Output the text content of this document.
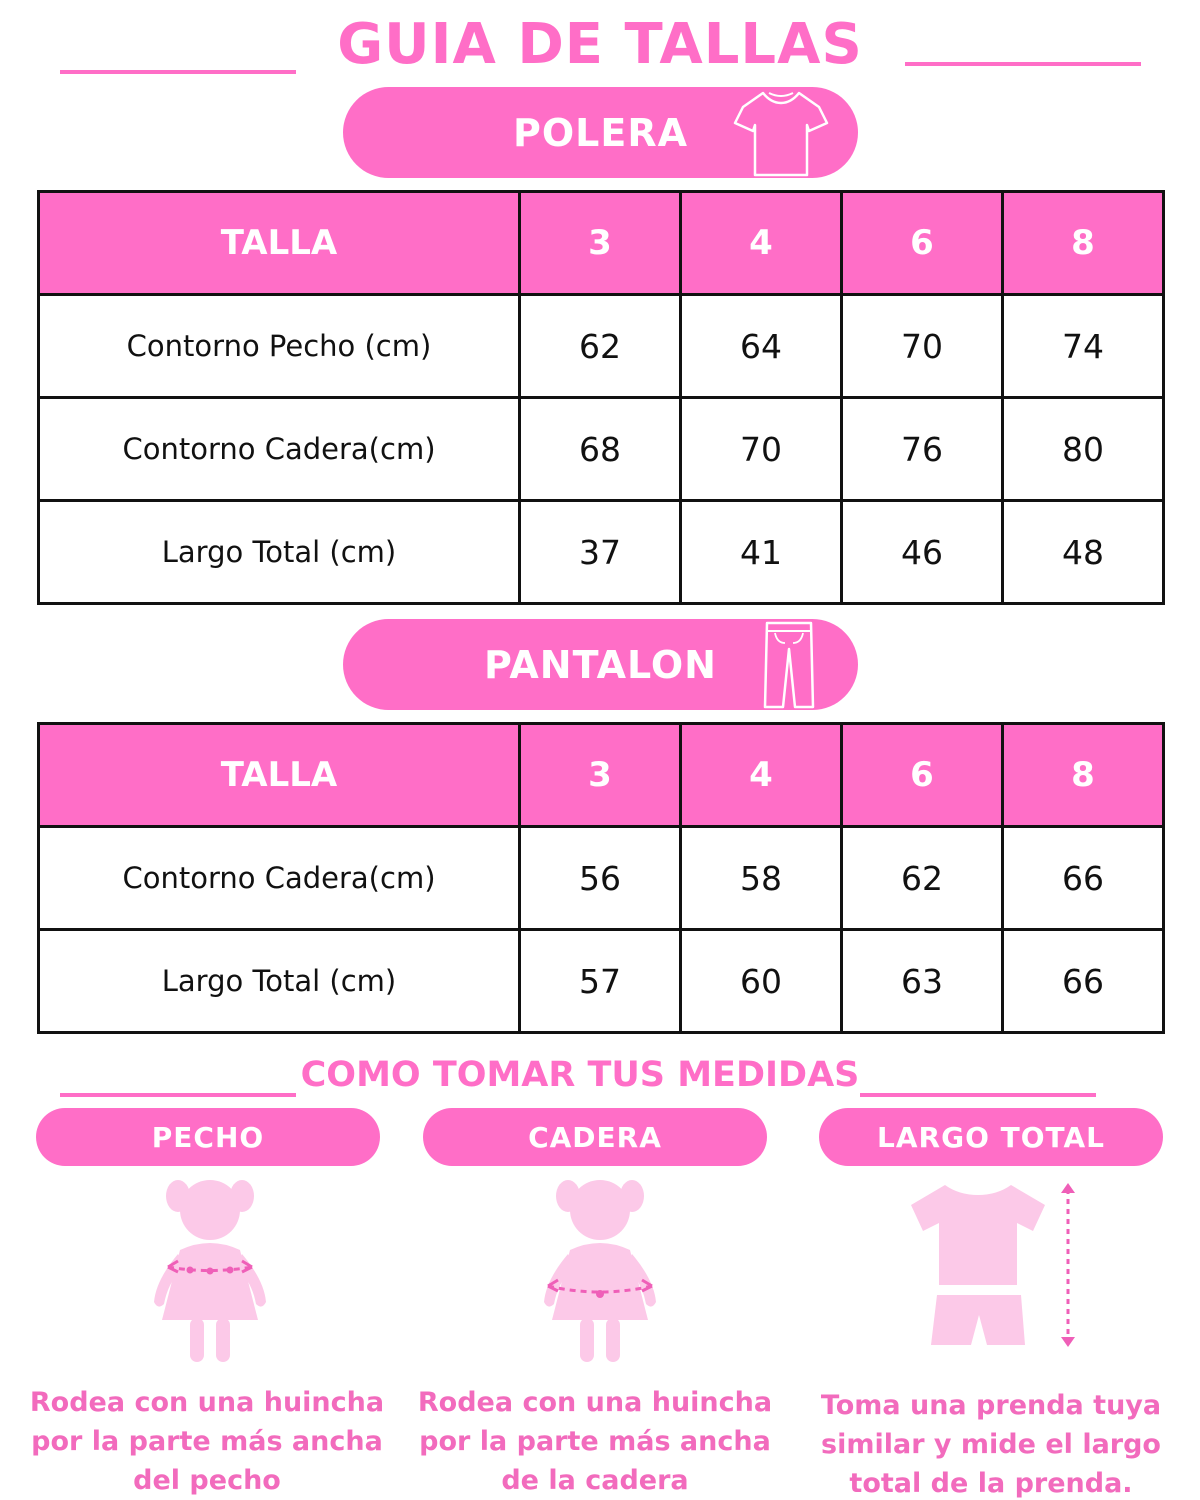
GUIA DE TALLAS
POLERA
TALLA	3	4	6	8
Contorno Pecho (cm)	62	64	70	74
Contorno Cadera(cm)	68	70	76	80
Largo Total (cm)	37	41	46	48
PANTALON
TALLA	3	4	6	8
Contorno Cadera(cm)	56	58	62	66
Largo Total (cm)	57	60	63	66
COMO TOMAR TUS MEDIDAS
PECHO	CADERA	LARGO TOTAL
Rodea con una huincha
por la parte más ancha
del pecho
Rodea con una huincha
por la parte más ancha
de la cadera
Toma una prenda tuya
similar y mide el largo
total de la prenda.
